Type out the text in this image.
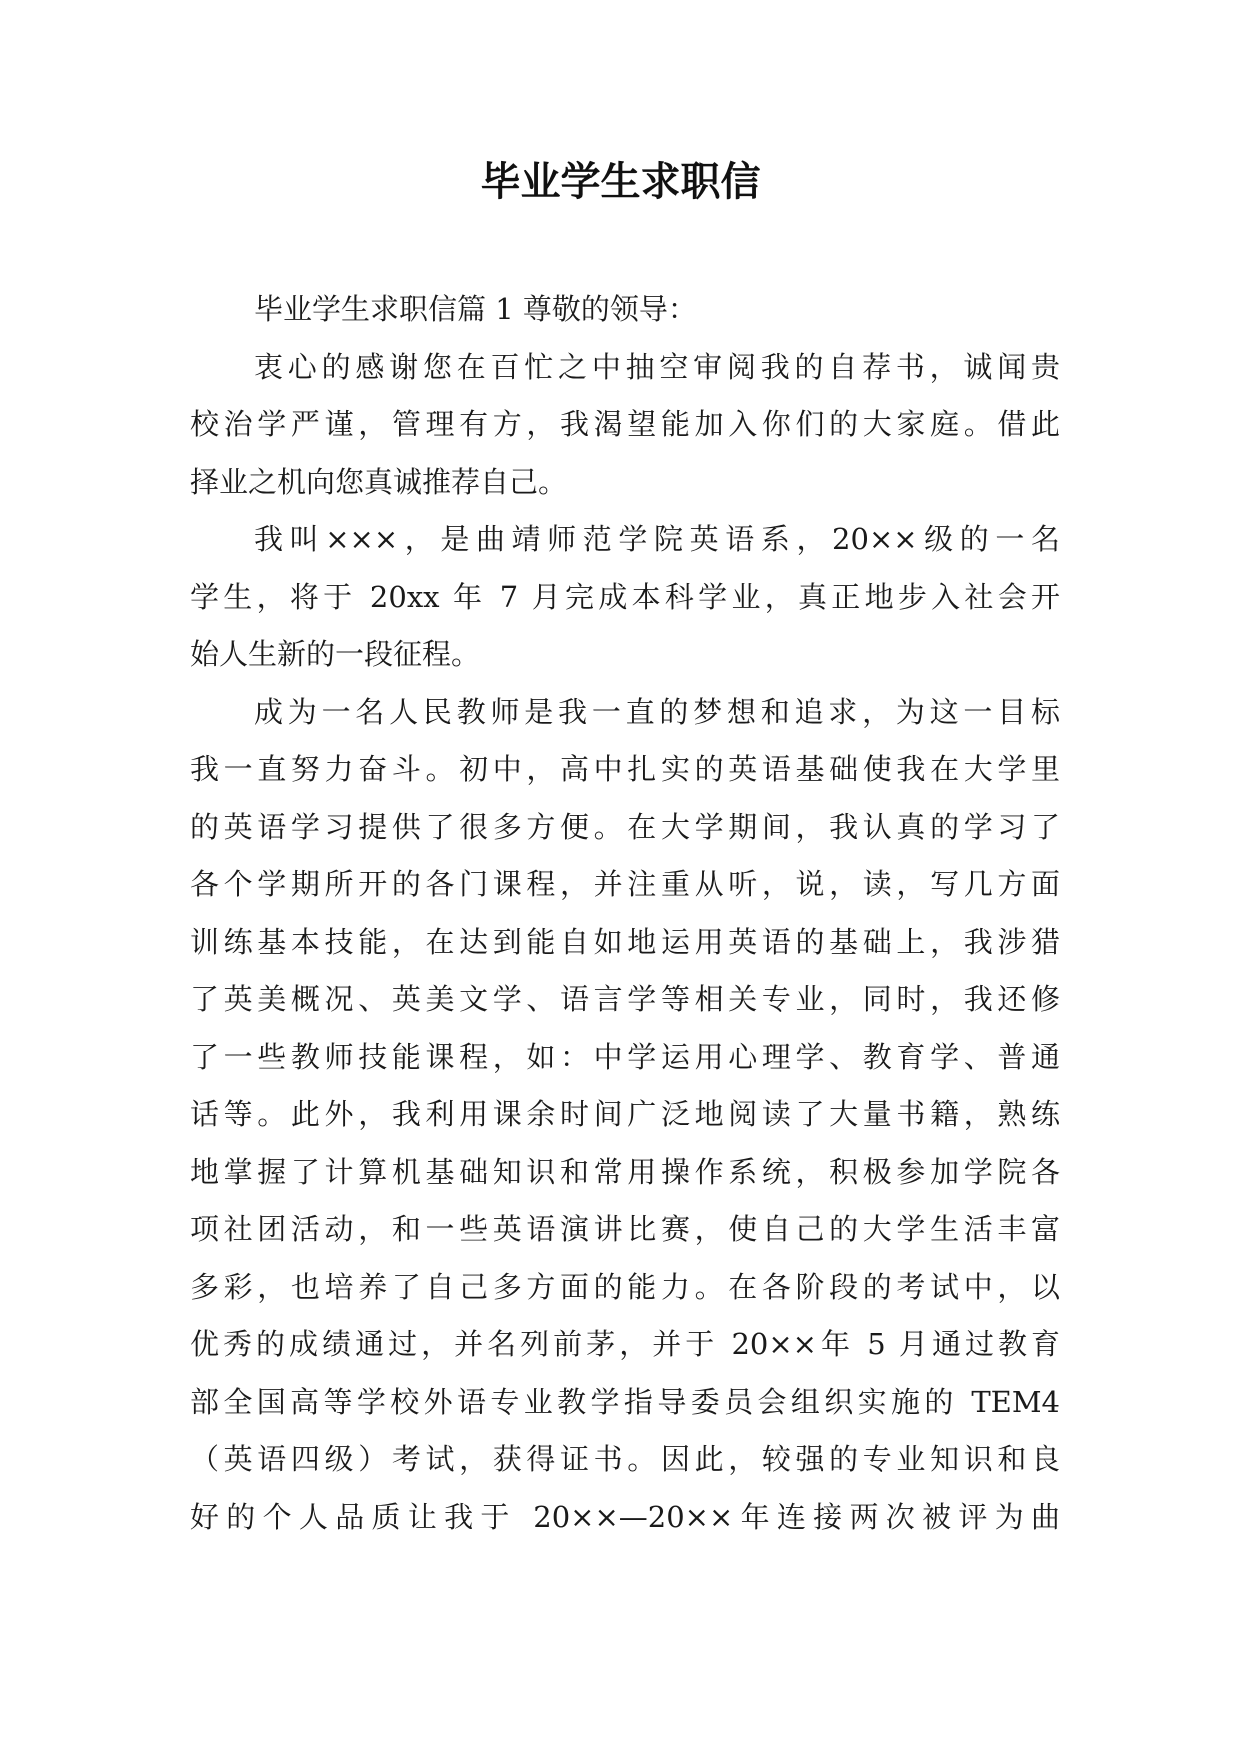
毕业学生求职信
毕业学生求职信篇 1 尊敬的领导：
衷心的感谢您在百忙之中抽空审阅我的自荐书，诚闻贵
校治学严谨，管理有方，我渴望能加入你们的大家庭。借此
择业之机向您真诚推荐自己。
我叫×××，是曲靖师范学院英语系，20××级的一名
学生，将于 20xx 年 7 月完成本科学业，真正地步入社会开
始人生新的一段征程。
成为一名人民教师是我一直的梦想和追求，为这一目标
我一直努力奋斗。初中，高中扎实的英语基础使我在大学里
的英语学习提供了很多方便。在大学期间，我认真的学习了
各个学期所开的各门课程，并注重从听，说，读，写几方面
训练基本技能，在达到能自如地运用英语的基础上，我涉猎
了英美概况、英美文学、语言学等相关专业，同时，我还修
了一些教师技能课程，如：中学运用心理学、教育学、普通
话等。此外，我利用课余时间广泛地阅读了大量书籍，熟练
地掌握了计算机基础知识和常用操作系统，积极参加学院各
项社团活动，和一些英语演讲比赛，使自己的大学生活丰富
多彩，也培养了自己多方面的能力。在各阶段的考试中，以
优秀的成绩通过，并名列前茅，并于 20××年 5 月通过教育
部全国高等学校外语专业教学指导委员会组织实施的 TEM4
（英语四级）考试，获得证书。因此，较强的专业知识和良
好的个人品质让我于 20××—20××年连接两次被评为曲
